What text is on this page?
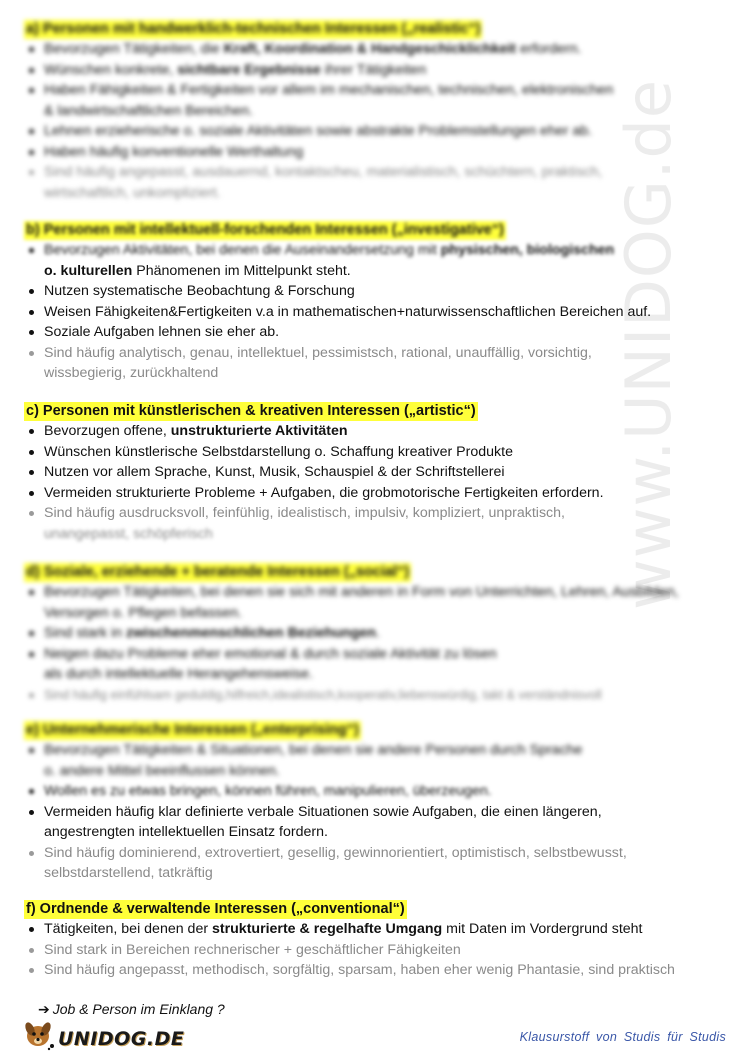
www.UNIDOG.de
a) Personen mit handwerklich-technischen Interessen („realistic“)
Bevorzugen Tätigkeiten, die Kraft, Koordination & Handgeschicklichkeit erfordern.
Wünschen konkrete, sichtbare Ergebnisse ihrer Tätigkeiten
Haben Fähigkeiten & Fertigkeiten vor allem im mechanischen, technischen, elektronischen
& landwirtschaftlichen Bereichen.
Lehnen erzieherische o. soziale Aktivitäten sowie abstrakte Problemstellungen eher ab.
Haben häufig konventionelle Werthaltung
Sind häufig angepasst, ausdauernd, kontaktscheu, materialistisch, schüchtern, praktisch,
wirtschaftlich, unkompliziert.
b) Personen mit intellektuell-forschenden Interessen („investigative“)
Bevorzugen Aktivitäten, bei denen die Auseinandersetzung mit physischen, biologischen
o. kulturellen Phänomenen im Mittelpunkt steht.
Nutzen systematische Beobachtung & Forschung
Weisen Fähigkeiten&Fertigkeiten v.a in mathematischen+naturwissenschaftlichen Bereichen auf.
Soziale Aufgaben lehnen sie eher ab.
Sind häufig analytisch, genau, intellektuel, pessimistsch, rational, unauffällig, vorsichtig,
wissbegierig, zurückhaltend
c) Personen mit künstlerischen & kreativen Interessen („artistic“)
Bevorzugen offene, unstrukturierte Aktivitäten
Wünschen künstlerische Selbstdarstellung o. Schaffung kreativer Produkte
Nutzen vor allem Sprache, Kunst, Musik, Schauspiel & der Schriftstellerei
Vermeiden strukturierte Probleme + Aufgaben, die grobmotorische Fertigkeiten erfordern.
Sind häufig ausdrucksvoll, feinfühlig, idealistisch, impulsiv, kompliziert, unpraktisch,
unangepasst, schöpferisch
d) Soziale, erziehende + beratende Interessen („social“)
Bevorzugen Tätigkeiten, bei denen sie sich mit anderen in Form von Unterrichten, Lehren, Ausbilden,
Versorgen o. Pflegen befassen.
Sind stark in zwischenmenschlichen Beziehungen.
Neigen dazu Probleme eher emotional & durch soziale Aktivität zu lösen
als durch intellektuelle Herangehensweise.
Sind häufig einfühlsam geduldig,hilfreich,idealistisch,kooperativ,liebenswürdig, takt & verständnisvoll
e) Unternehmerische Interessen („enterprising“)
Bevorzugen Tätigkeiten & Situationen, bei denen sie andere Personen durch Sprache
o. andere Mittel beeinflussen können.
Wollen es zu etwas bringen, können führen, manipulieren, überzeugen.
Vermeiden häufig klar definierte verbale Situationen sowie Aufgaben, die einen längeren,
angestrengten intellektuellen Einsatz fordern.
Sind häufig dominierend, extrovertiert, gesellig, gewinnorientiert, optimistisch, selbstbewusst,
selbstdarstellend, tatkräftig
f) Ordnende & verwaltende Interessen („conventional“)
Tätigkeiten, bei denen der strukturierte & regelhafte Umgang mit Daten im Vordergrund steht
Sind stark in Bereichen rechnerischer + geschäftlicher Fähigkeiten
Sind häufig angepasst, methodisch, sorgfältig, sparsam, haben eher wenig Phantasie, sind praktisch
➔ Job & Person im Einklang ?
UNIDOG.DE	Klausurstoff von Studis für Studis
